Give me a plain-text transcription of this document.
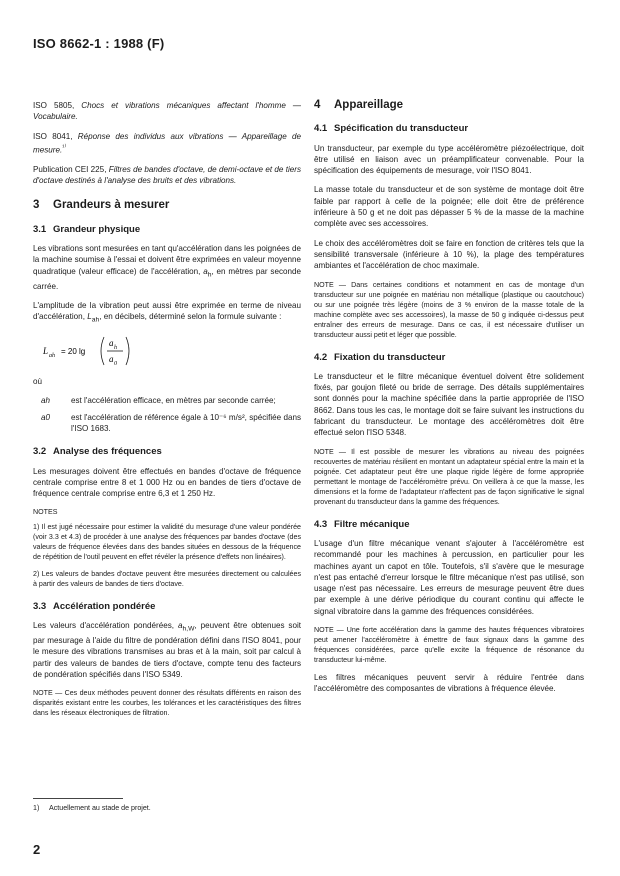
ISO 8662-1 : 1988 (F)

ISO 5805, Chocs et vibrations mécaniques affectant l'homme — Vocabulaire.

ISO 8041, Réponse des individus aux vibrations — Appareillage de mesure.$^{^{1)}}$

Publication CEI 225, Filtres de bandes d'octave, de demi-octave et de tiers d'octave destinés à l'analyse des bruits et des vibrations.

3 Grandeurs à mesurer
3.1 Grandeur physique

Les vibrations sont mesurées en tant qu'accélération dans les poignées de la machine soumise à l'essai et doivent être exprimées en valeur moyenne quadratique (valeur efficace) de l'accélération, $a_h$, en mètres par seconde carrée.

L'amplitude de la vibration peut aussi être exprimée en terme de niveau d'accélération, $L_{ah}$, en décibels, déterminé selon la formule suivante :

L ah = 20 lg
a h
a 0

où

ah	est l'accélération efficace, en mètres par seconde carrée;
a0	est l'accélération de référence égale à 10⁻⁶ m/s², spécifiée dans l'ISO 1683.
3.2 Analyse des fréquences

Les mesurages doivent être effectués en bandes d'octave de fréquence centrale comprise entre 8 et 1 000 Hz ou en bandes de tiers d'octave de fréquence centrale comprise entre 6,3 et 1 250 Hz.

NOTES
1) Il est jugé nécessaire pour estimer la validité du mesurage d'une valeur pondérée (voir 3.3 et 4.3) de procéder à une analyse des fréquences par bandes d'octave (des valeurs de fréquence élevées dans des bandes situées en dessous de la fréquence de répétition de l'outil peuvent en effet révéler la présence d'effets non linéaires).
2) Les valeurs de bandes d'octave peuvent être mesurées directement ou calculées à partir des valeurs de bandes de tiers d'octave.
3.3 Accélération pondérée

Les valeurs d'accélération pondérées, $a_{h,W}$, peuvent être obtenues soit par mesurage à l'aide du filtre de pondération défini dans l'ISO 8041, pour le mesure des vibrations transmises au bras et à la main, soit par calcul à partir des valeurs de bandes de tiers d'octave, compte tenu des facteurs de pondération spécifiés dans l'ISO 5349.

NOTE — Ces deux méthodes peuvent donner des résultats différents en raison des disparités existant entre les courbes, les tolérances et les caractéristiques des filtres dans les réseaux électroniques de filtration.
4 Appareillage
4.1 Spécification du transducteur

Un transducteur, par exemple du type accéléromètre piézoélectrique, doit être utilisé en liaison avec un préamplificateur convenable. Pour la spécification des équipements de mesurage, voir l'ISO 8041.

La masse totale du transducteur et de son système de montage doit être faible par rapport à celle de la poignée; elle doit être de préférence inférieure à 50 g et ne doit pas dépasser 5 % de la masse de la machine complète avec ses accessoires.

Le choix des accéléromètres doit se faire en fonction de critères tels que la sensibilité transversale (inférieure à 10 %), la plage des températures ambiantes et l'accélération de choc maximale.

NOTE — Dans certaines conditions et notamment en cas de montage d'un transducteur sur une poignée en matériau non métallique (plastique ou caoutchouc) ou sur une poignée très légère (moins de 3 % environ de la masse totale de la machine complète avec ses accessoires), la masse de 50 g indiquée ci-dessus peut entraîner des erreurs de mesurage. Dans ce cas, il est nécessaire d'utiliser un transducteur aussi petit et léger que possible.
4.2 Fixation du transducteur

Le transducteur et le filtre mécanique éventuel doivent être solidement fixés, par goujon fileté ou bride de serrage. Des détails supplémentaires sont donnés pour la machine spécifiée dans la partie appropriée de l'ISO 8662. Dans tous les cas, le montage doit se faire suivant les instructions du fabricant du transducteur. Le montage des accéléromètres doit être effectué selon l'ISO 5348.

NOTE — Il est possible de mesurer les vibrations au niveau des poignées recouvertes de matériau résilient en montant un adaptateur spécial entre la main et la poignée. Cet adaptateur peut être une plaque rigide légère de forme appropriée permettant le montage de l'accéléromètre prévu. On veillera à ce que la masse, les dimensions et la forme de l'adaptateur n'affectent pas de façon significative le signal provenant du transducteur dans la gamme des fréquences.
4.3 Filtre mécanique

L'usage d'un filtre mécanique venant s'ajouter à l'accéléromètre est recommandé pour les machines à percussion, en particulier pour les machines ayant un capot en tôle. Toutefois, s'il s'avère que le mesurage n'est pas entaché d'erreur lorsque le filtre mécanique n'est pas utilisé, son usage n'est pas nécessaire. Les erreurs de mesurage peuvent être dues par exemple à une dérive périodique du courant continu qui affecte le signal vibratoire dans la gamme des fréquences considérées.

NOTE — Une forte accélération dans la gamme des hautes fréquences vibratoires peut amener l'accéléromètre à émettre de faux signaux dans la gamme des fréquences considérées, parce qu'elle excite la fréquence de résonance du transducteur lui-même.

Les filtres mécaniques peuvent servir à réduire l'entrée dans l'accéléromètre des composantes de vibrations à fréquence élevée.

1) Actuellement au stade de projet.
2
